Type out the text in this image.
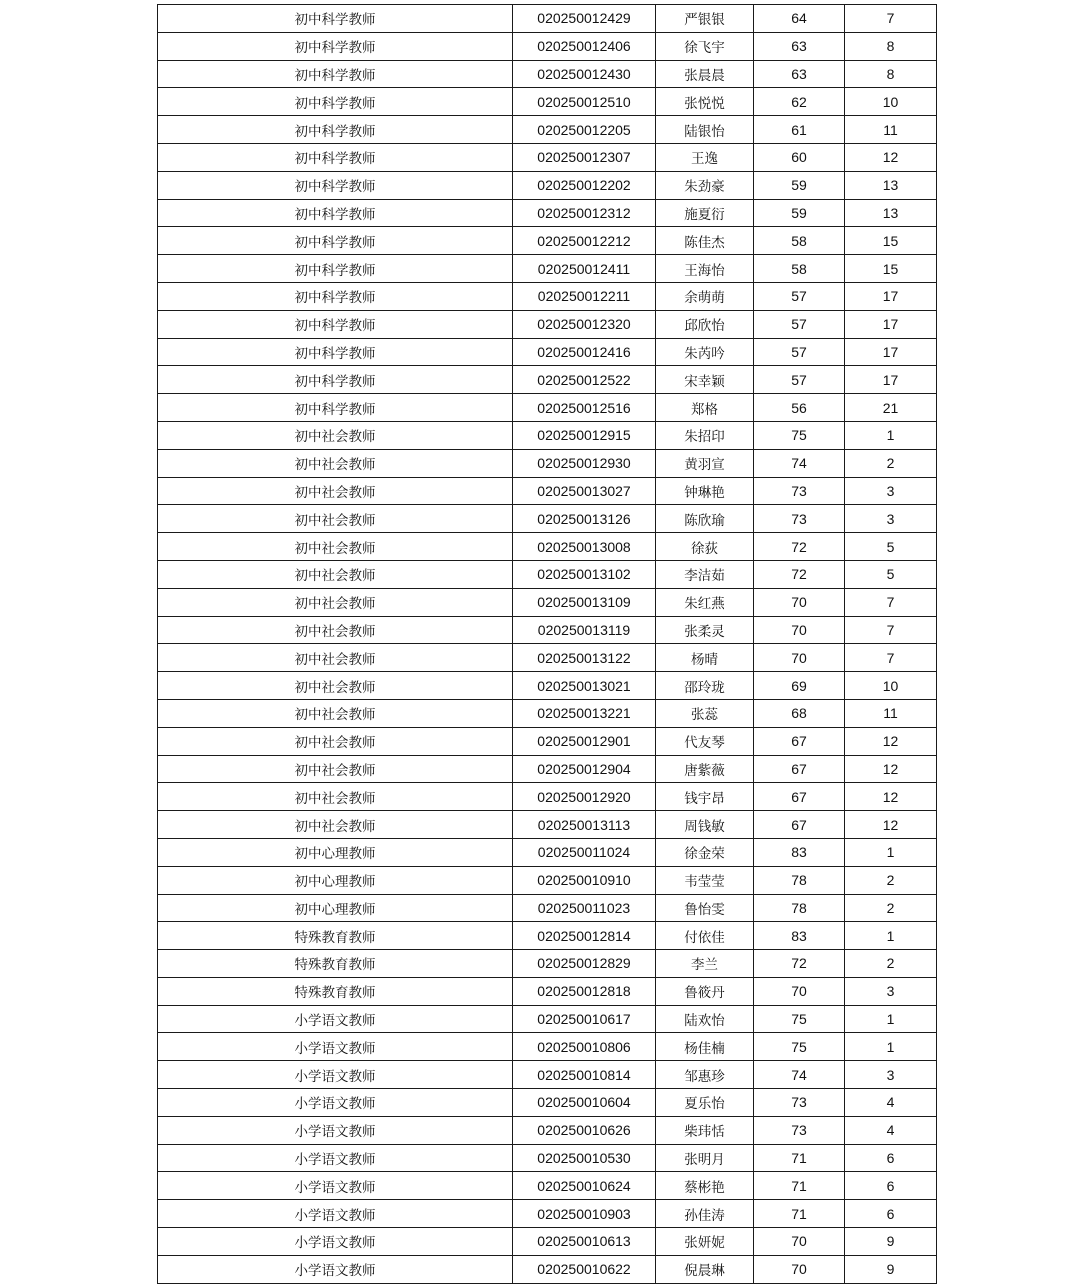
初中科学教师	020250012429	严银银	64	7
初中科学教师	020250012406	徐飞宇	63	8
初中科学教师	020250012430	张晨晨	63	8
初中科学教师	020250012510	张悦悦	62	10
初中科学教师	020250012205	陆银怡	61	11
初中科学教师	020250012307	王逸	60	12
初中科学教师	020250012202	朱劲豪	59	13
初中科学教师	020250012312	施夏衍	59	13
初中科学教师	020250012212	陈佳杰	58	15
初中科学教师	020250012411	王海怡	58	15
初中科学教师	020250012211	余萌萌	57	17
初中科学教师	020250012320	邱欣怡	57	17
初中科学教师	020250012416	朱芮吟	57	17
初中科学教师	020250012522	宋幸颖	57	17
初中科学教师	020250012516	郑格	56	21
初中社会教师	020250012915	朱招印	75	1
初中社会教师	020250012930	黄羽宣	74	2
初中社会教师	020250013027	钟琳艳	73	3
初中社会教师	020250013126	陈欣瑜	73	3
初中社会教师	020250013008	徐荻	72	5
初中社会教师	020250013102	李洁茹	72	5
初中社会教师	020250013109	朱红燕	70	7
初中社会教师	020250013119	张柔灵	70	7
初中社会教师	020250013122	杨晴	70	7
初中社会教师	020250013021	邵玲珑	69	10
初中社会教师	020250013221	张蕊	68	11
初中社会教师	020250012901	代友琴	67	12
初中社会教师	020250012904	唐紫薇	67	12
初中社会教师	020250012920	钱宇昂	67	12
初中社会教师	020250013113	周钱敏	67	12
初中心理教师	020250011024	徐金荣	83	1
初中心理教师	020250010910	韦莹莹	78	2
初中心理教师	020250011023	鲁怡雯	78	2
特殊教育教师	020250012814	付依佳	83	1
特殊教育教师	020250012829	李兰	72	2
特殊教育教师	020250012818	鲁筱丹	70	3
小学语文教师	020250010617	陆欢怡	75	1
小学语文教师	020250010806	杨佳楠	75	1
小学语文教师	020250010814	邹惠珍	74	3
小学语文教师	020250010604	夏乐怡	73	4
小学语文教师	020250010626	柴玮恬	73	4
小学语文教师	020250010530	张明月	71	6
小学语文教师	020250010624	蔡彬艳	71	6
小学语文教师	020250010903	孙佳涛	71	6
小学语文教师	020250010613	张妍妮	70	9
小学语文教师	020250010622	倪晨琳	70	9
